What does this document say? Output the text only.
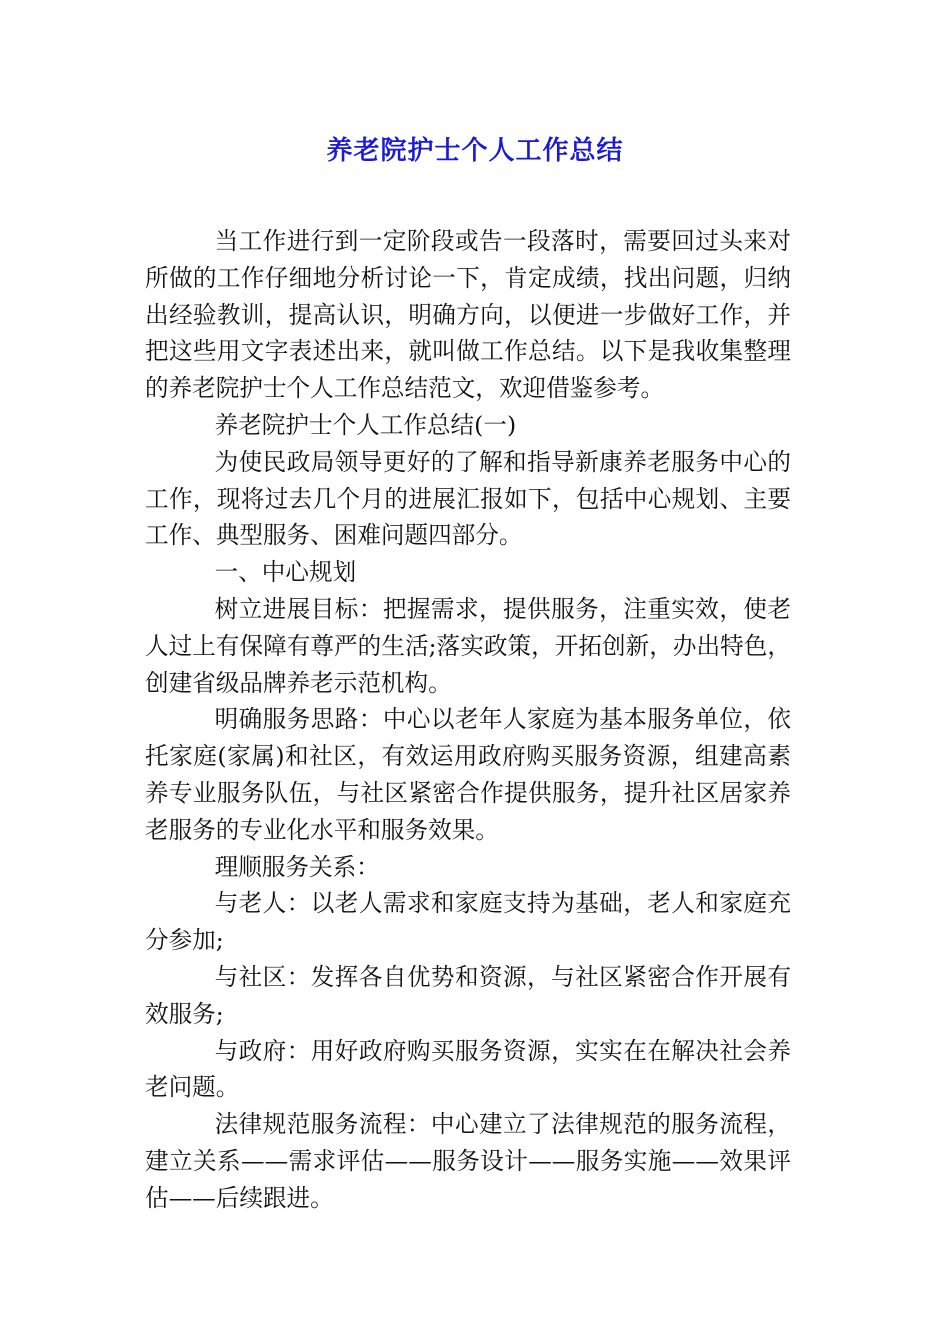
养老院护士个人工作总结

当工作进行到一定阶段或告一段落时，需要回过头来对所做的工作仔细地分析讨论一下，肯定成绩，找出问题，归纳出经验教训，提高认识，明确方向，以便进一步做好工作，并把这些用文字表述出来，就叫做工作总结。以下是我收集整理的养老院护士个人工作总结范文，欢迎借鉴参考。

养老院护士个人工作总结(一)

为使民政局领导更好的了解和指导新康养老服务中心的工作，现将过去几个月的进展汇报如下，包括中心规划、主要工作、典型服务、困难问题四部分。

一、中心规划

树立进展目标：把握需求，提供服务，注重实效，使老人过上有保障有尊严的生活;落实政策，开拓创新，办出特色，创建省级品牌养老示范机构。

明确服务思路：中心以老年人家庭为基本服务单位，依托家庭(家属)和社区，有效运用政府购买服务资源，组建高素养专业服务队伍，与社区紧密合作提供服务，提升社区居家养老服务的专业化水平和服务效果。

理顺服务关系：

与老人：以老人需求和家庭支持为基础，老人和家庭充分参加;

与社区：发挥各自优势和资源，与社区紧密合作开展有效服务;

与政府：用好政府购买服务资源，实实在在解决社会养老问题。

法律规范服务流程：中心建立了法律规范的服务流程，建立关系——需求评估——服务设计——服务实施——效果评估——后续跟进。
